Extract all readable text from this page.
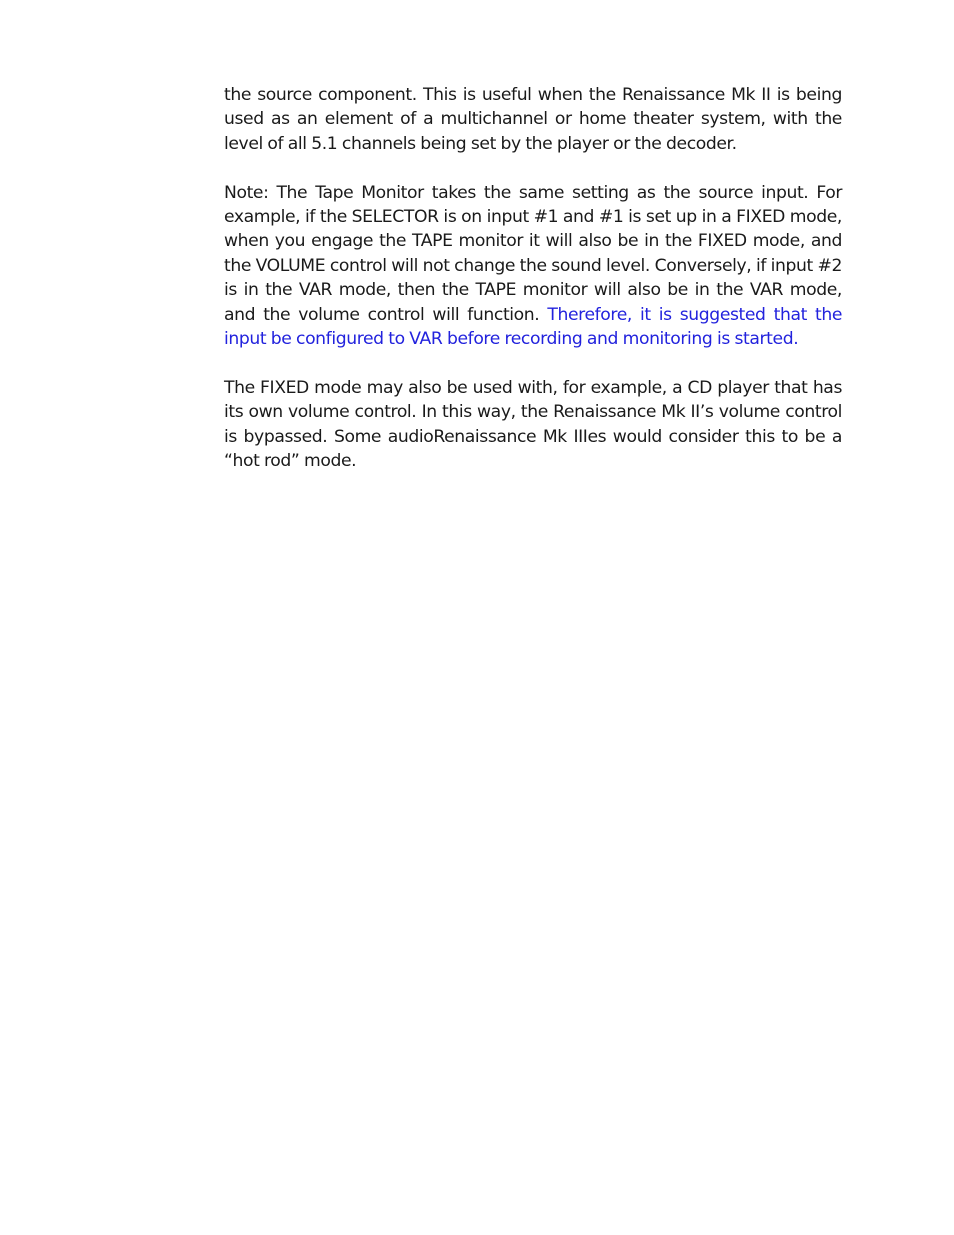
the source component. This is useful when the Renaissance Mk II is being used as an element of a multichannel or home theater system, with the level of all 5.1 channels being set by the player or the decoder.

Note: The Tape Monitor takes the same setting as the source input. For example, if the SELECTOR is on input #1 and #1 is set up in a FIXED mode, when you engage the TAPE monitor it will also be in the FIXED mode, and the VOLUME control will not change the sound level. Conversely, if input #2 is in the VAR mode, then the TAPE monitor will also be in the VAR mode, and the volume control will function. Therefore, it is suggested that the input be configured to VAR before recording and monitoring is started.

The FIXED mode may also be used with, for example, a CD player that has its own volume control. In this way, the Renaissance Mk II’s volume control is bypassed. Some audioRenaissance Mk IIIes would consider this to be a “hot rod” mode.
